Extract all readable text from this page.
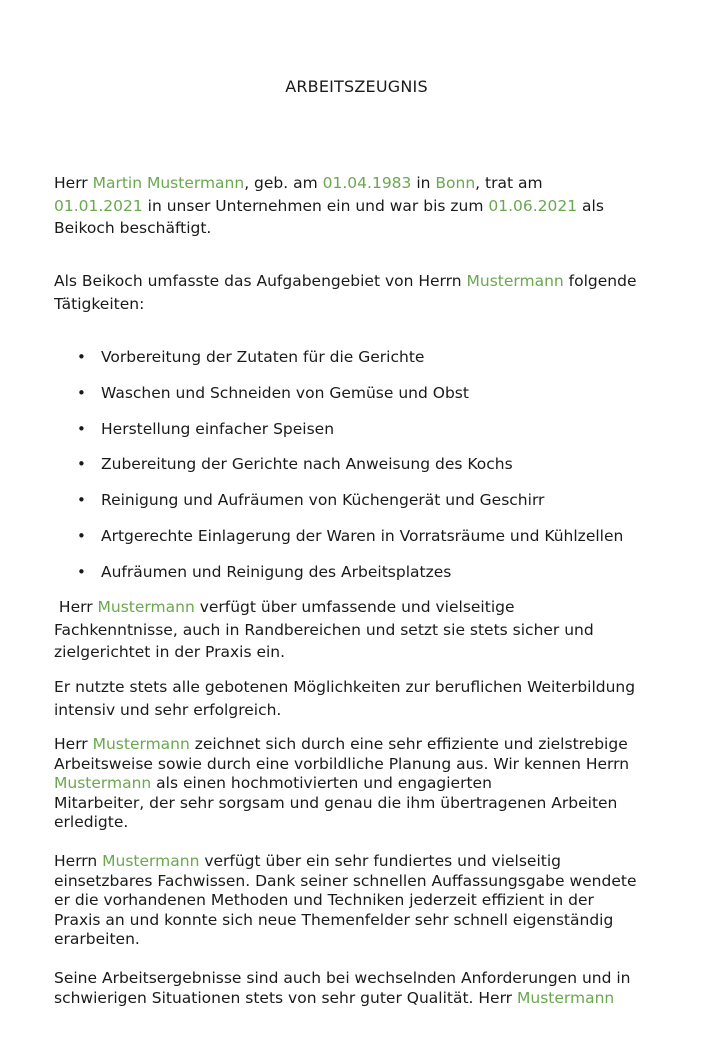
ARBEITSZEUGNIS

Herr Martin Mustermann, geb. am 01.04.1983 in Bonn, trat am
01.01.2021 in unser Unternehmen ein und war bis zum 01.06.2021 als
Beikoch beschäftigt.

Als Beikoch umfasste das Aufgabengebiet von Herrn Mustermann folgende
Tätigkeiten:

• Vorbereitung der Zutaten für die Gerichte
• Waschen und Schneiden von Gemüse und Obst
• Herstellung einfacher Speisen
• Zubereitung der Gerichte nach Anweisung des Kochs
• Reinigung und Aufräumen von Küchengerät und Geschirr
• Artgerechte Einlagerung der Waren in Vorratsräume und Kühlzellen
• Aufräumen und Reinigung des Arbeitsplatzes

Herr Mustermann verfügt über umfassende und vielseitige
Fachkenntnisse, auch in Randbereichen und setzt sie stets sicher und
zielgerichtet in der Praxis ein.

Er nutzte stets alle gebotenen Möglichkeiten zur beruflichen Weiterbildung
intensiv und sehr erfolgreich.

Herr Mustermann zeichnet sich durch eine sehr effiziente und zielstrebige
Arbeitsweise sowie durch eine vorbildliche Planung aus. Wir kennen Herrn
Mustermann als einen hochmotivierten und engagierten
Mitarbeiter, der sehr sorgsam und genau die ihm übertragenen Arbeiten
erledigte.

Herrn Mustermann verfügt über ein sehr fundiertes und vielseitig
einsetzbares Fachwissen. Dank seiner schnellen Auffassungsgabe wendete
er die vorhandenen Methoden und Techniken jederzeit effizient in der
Praxis an und konnte sich neue Themenfelder sehr schnell eigenständig
erarbeiten.

Seine Arbeitsergebnisse sind auch bei wechselnden Anforderungen und in
schwierigen Situationen stets von sehr guter Qualität. Herr Mustermann
